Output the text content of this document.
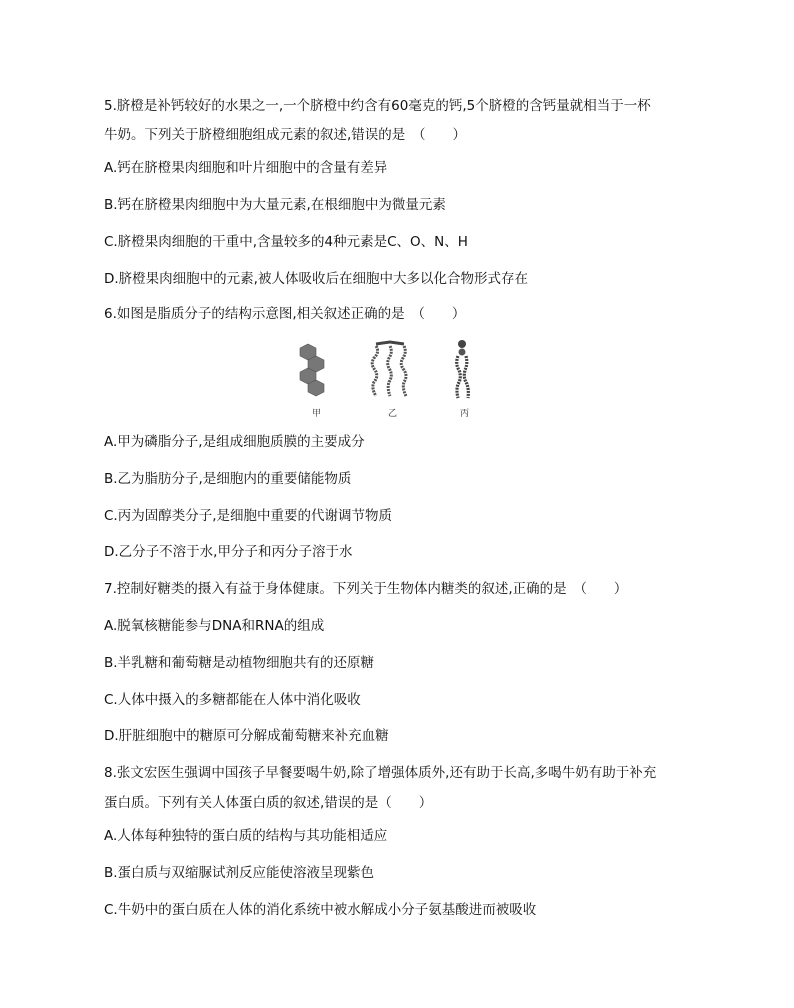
5.脐橙是补钙较好的水果之一,一个脐橙中约含有60毫克的钙,5个脐橙的含钙量就相当于一杯
牛奶。下列关于脐橙细胞组成元素的叙述,错误的是　（　　）
A.钙在脐橙果肉细胞和叶片细胞中的含量有差异
B.钙在脐橙果肉细胞中为大量元素,在根细胞中为微量元素
C.脐橙果肉细胞的干重中,含量较多的4种元素是C、O、N、H
D.脐橙果肉细胞中的元素,被人体吸收后在细胞中大多以化合物形式存在
6.如图是脂质分子的结构示意图,相关叙述正确的是　（　　）
甲	乙	丙
A.甲为磷脂分子,是组成细胞质膜的主要成分
B.乙为脂肪分子,是细胞内的重要储能物质
C.丙为固醇类分子,是细胞中重要的代谢调节物质
D.乙分子不溶于水,甲分子和丙分子溶于水
7.控制好糖类的摄入有益于身体健康。下列关于生物体内糖类的叙述,正确的是　（　　）
A.脱氧核糖能参与DNA和RNA的组成
B.半乳糖和葡萄糖是动植物细胞共有的还原糖
C.人体中摄入的多糖都能在人体中消化吸收
D.肝脏细胞中的糖原可分解成葡萄糖来补充血糖
8.张文宏医生强调中国孩子早餐要喝牛奶,除了增强体质外,还有助于长高,多喝牛奶有助于补充
蛋白质。下列有关人体蛋白质的叙述,错误的是（　　）
A.人体每种独特的蛋白质的结构与其功能相适应
B.蛋白质与双缩脲试剂反应能使溶液呈现紫色
C.牛奶中的蛋白质在人体的消化系统中被水解成小分子氨基酸进而被吸收
